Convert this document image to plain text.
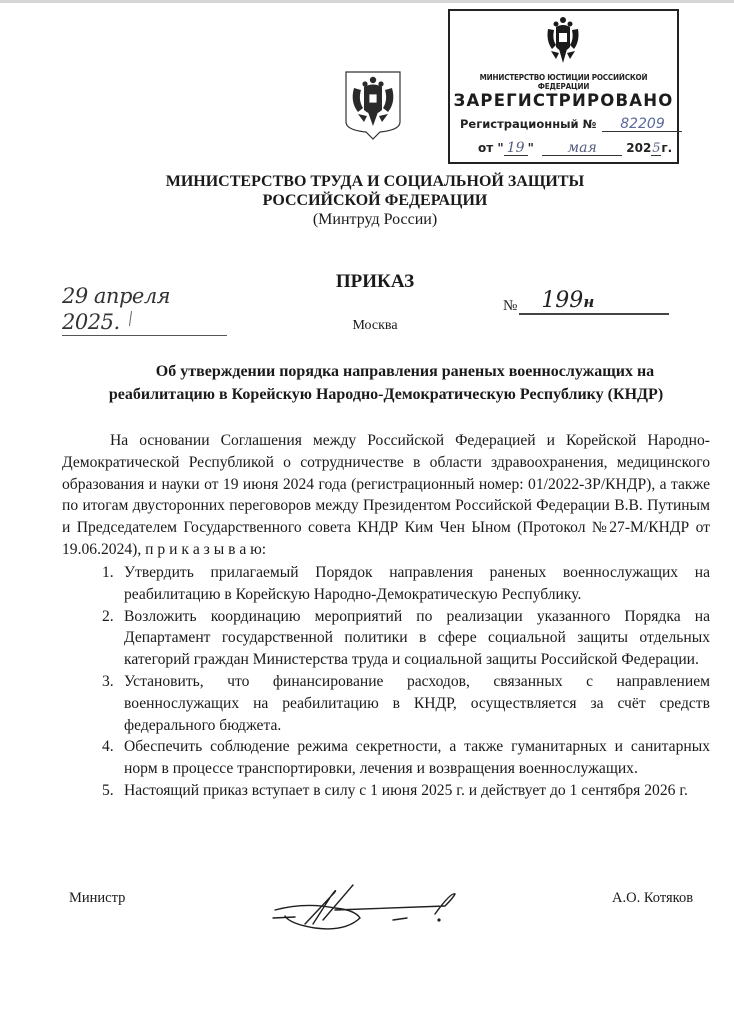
МИНИСТЕРСТВО ЮСТИЦИИ РОССИЙСКОЙ ФЕДЕРАЦИИ
ЗАРЕГИСТРИРОВАНО
Регистрационный № 82209
от " 19 " мая 2025г.
МИНИСТЕРСТВО ТРУДА И СОЦИАЛЬНОЙ ЗАЩИТЫ
РОССИЙСКОЙ ФЕДЕРАЦИИ
(Минтруд России)
ПРИКАЗ
29 апреля 2025.
№ 199н
Москва
Об утверждении порядка направления раненых военнослужащих на
реабилитацию в Корейскую Народно-Демократическую Республику (КНДР)
На основании Соглашения между Российской Федерацией и Корейской Народно-Демократической Республикой о сотрудничестве в области здравоохранения, медицинского образования и науки от 19 июня 2024 года (регистрационный номер: 01/2022-ЗР/КНДР), а также по итогам двусторонних переговоров между Президентом Российской Федерации В.В. Путиным и Председателем Государственного совета КНДР Ким Чен Ыном (Протокол №27-М/КНДР от 19.06.2024), п р и к а з ы в а ю:
1. Утвердить прилагаемый Порядок направления раненых военнослужащих на реабилитацию в Корейскую Народно-Демократическую Республику.
2. Возложить координацию мероприятий по реализации указанного Порядка на Департамент государственной политики в сфере социальной защиты отдельных категорий граждан Министерства труда и социальной защиты Российской Федерации.
3. Установить, что финансирование расходов, связанных с направлением военнослужащих на реабилитацию в КНДР, осуществляется за счёт средств федерального бюджета.
4. Обеспечить соблюдение режима секретности, а также гуманитарных и санитарных норм в процессе транспортировки, лечения и возвращения военнослужащих.
5. Настоящий приказ вступает в силу с 1 июня 2025 г. и действует до 1 сентября 2026 г.
Министр	А.О. Котяков
